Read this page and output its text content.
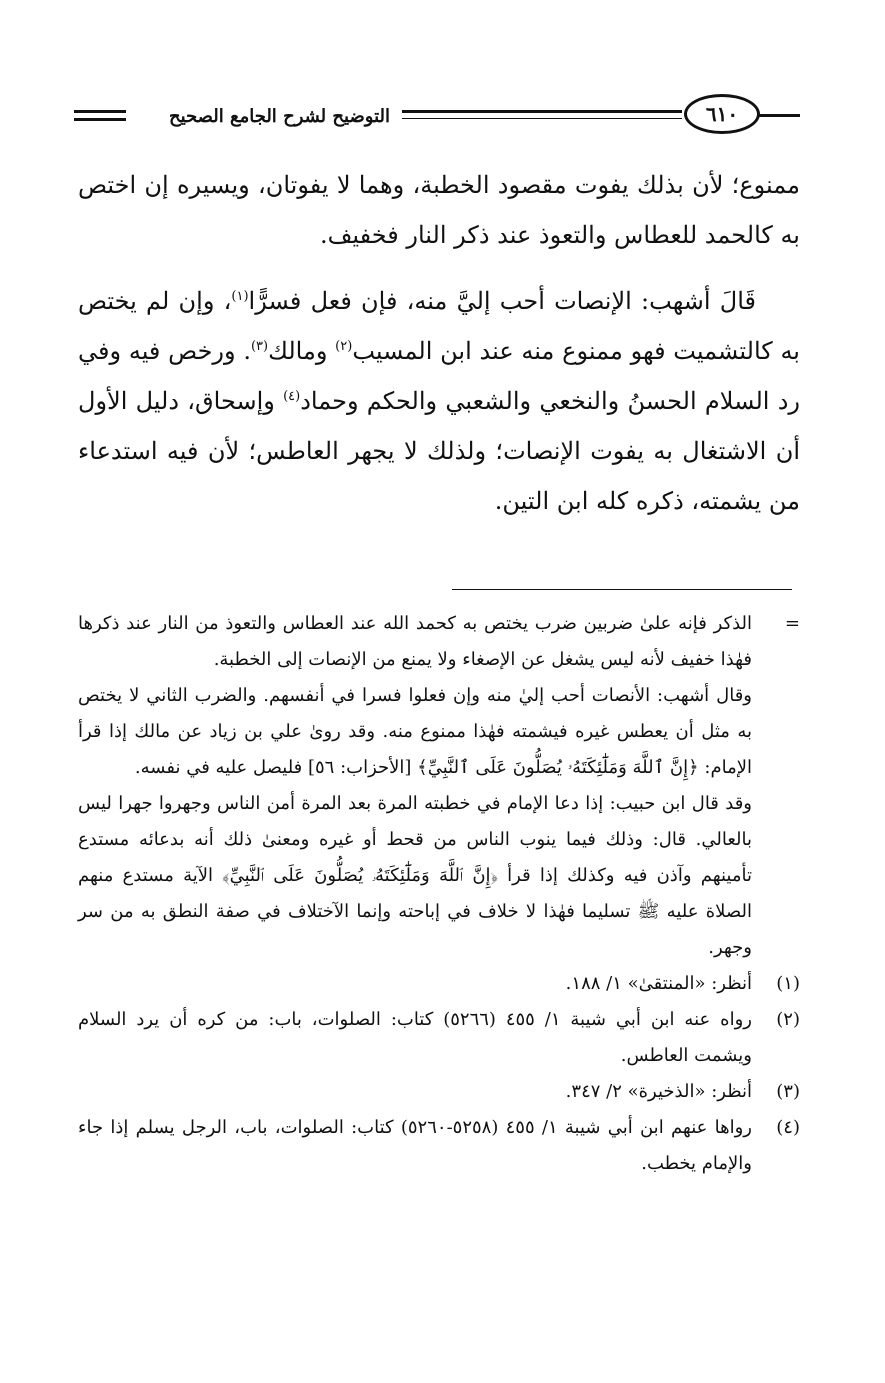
التوضيح لشرح الجامع الصحيح	٦١٠

ممنوع؛ لأن بذلك يفوت مقصود الخطبة، وهما لا يفوتان، ويسيره إن اختص به كالحمد للعطاس والتعوذ عند ذكر النار فخفيف.

قَالَ أشهب: الإنصات أحب إليَّ منه، فإن فعل فسرًّا$^{(١)}$، وإن لم يختص به كالتشميت فهو ممنوع منه عند ابن المسيب$^{(٢)}$ ومالك$^{(٣)}$. ورخص فيه وفي رد السلام الحسنُ والنخعي والشعبي والحكم وحماد$^{(٤)}$ وإسحاق، دليل الأول أن الاشتغال به يفوت الإنصات؛ ولذلك لا يجهر العاطس؛ لأن فيه استدعاء من يشمته، ذكره كله ابن التين.

=

الذكر فإنه علىٰ ضربين ضرب يختص به كحمد الله عند العطاس والتعوذ من النار عند ذكرها فهٰذا خفيف لأنه ليس يشغل عن الإصغاء ولا يمنع من الإنصات إلى الخطبة.

وقال أشهب: الأنصات أحب إليٰ منه وإن فعلوا فسرا في أنفسهم. والضرب الثاني لا يختص به مثل أن يعطس غيره فيشمته فهٰذا ممنوع منه. وقد رویٰ علي بن زياد عن مالك إذا قرأ الإمام: ﴿إِنَّ ٱللَّهَ وَمَلَٰٓئِكَتَهُۥ يُصَلُّونَ عَلَى ٱلنَّبِيِّ﴾ [الأحزاب: ٥٦] فليصل عليه في نفسه.

وقد قال ابن حبيب: إذا دعا الإمام في خطبته المرة بعد المرة أمن الناس وجهروا جهرا ليس بالعالي. قال: وذلك فيما ينوب الناس من قحط أو غيره ومعنىٰ ذلك أنه بدعائه مستدع تأمينهم وآذن فيه وكذلك إذا قرأ ﴿إِنَّ ٱللَّهَ وَمَلَٰٓئِكَتَهُۥ يُصَلُّونَ عَلَى ٱلنَّبِيِّ﴾ الآية مستدع منهم الصلاة عليه ﷺ تسليما فهٰذا لا خلاف في إباحته وإنما الآختلاف في صفة النطق به من سر وجهر.

(١)
أنظر: «المنتقىٰ» ١/ ١٨٨.
(٢)
رواه عنه ابن أبي شيبة ١/ ٤٥٥ (٥٢٦٦) كتاب: الصلوات، باب: من كره أن يرد السلام ويشمت العاطس.
(٣)
أنظر: «الذخيرة» ٢/ ٣٤٧.
(٤)
رواها عنهم ابن أبي شيبة ١/ ٤٥٥ (٥٢٥٨-٥٢٦٠) كتاب: الصلوات، باب، الرجل يسلم إذا جاء والإمام يخطب.
